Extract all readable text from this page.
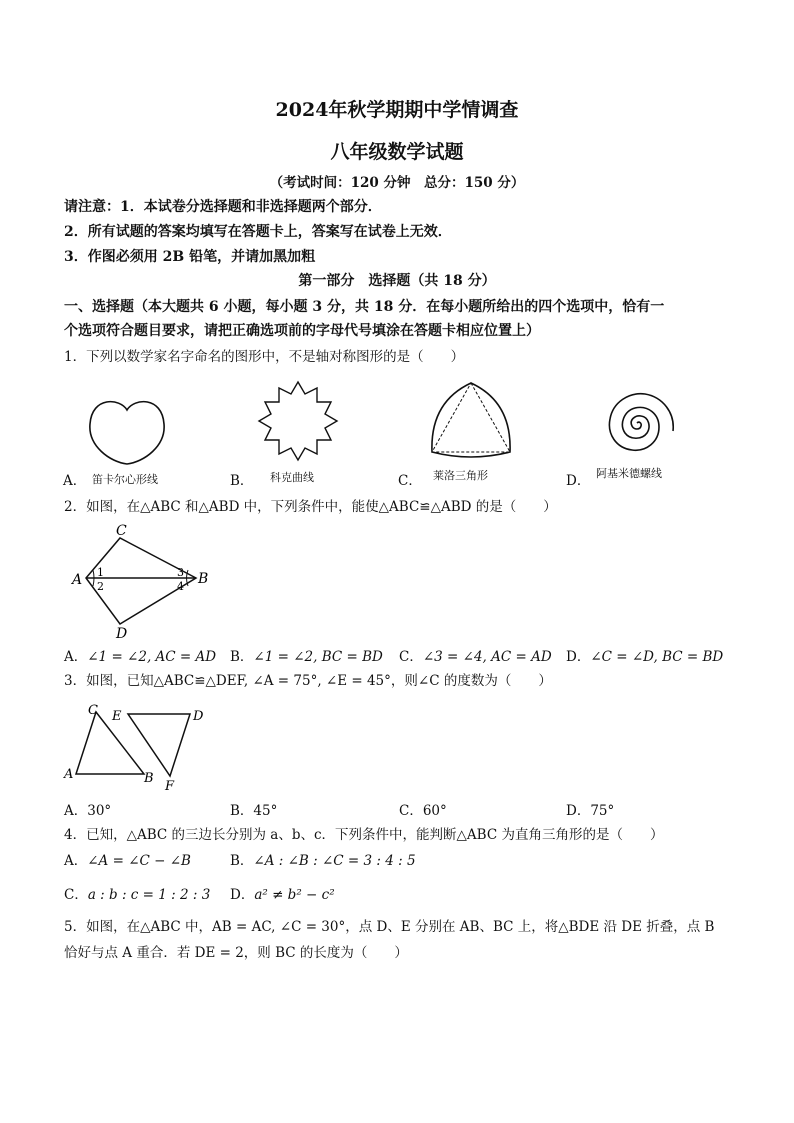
2024年秋学期期中学情调查
八年级数学试题
（考试时间：120 分钟　总分：150 分）
请注意：1．本试卷分选择题和非选择题两个部分．
2．所有试题的答案均填写在答题卡上，答案写在试卷上无效．
3．作图必须用 2B 铅笔，并请加黑加粗
第一部分　选择题（共 18 分）
一、选择题（本大题共 6 小题，每小题 3 分，共 18 分．在每小题所给出的四个选项中，恰有一
个选项符合题目要求，请把正确选项前的字母代号填涂在答题卡相应位置上）
1．下列以数学家名字命名的图形中，不是轴对称图形的是（　　）
A． 笛卡尔心形线	B． 科克曲线	C． 莱洛三角形	D． 阿基米德螺线
2．如图，在△ABC 和△ABD 中，下列条件中，能使△ABC≌△ABD 的是（　　）
A
C
B
D
1
2
3
4
A．∠1 = ∠2, AC = AD B．∠1 = ∠2, BC = BD C．∠3 = ∠4, AC = AD D．∠C = ∠D, BC = BD
3．如图，已知△ABC≌△DEF, ∠A = 75°, ∠E = 45°，则∠C 的度数为（　　）
C
A	B
E	D
F
A．30°	B．45°	C．60°	D．75°
4．已知，△ABC 的三边长分别为 a、b、c．下列条件中，能判断△ABC 为直角三角形的是（　　）
A．∠A = ∠C − ∠B	B．∠A : ∠B : ∠C = 3 : 4 : 5
C．a : b : c = 1 : 2 : 3 D．a² ≠ b² − c²
5．如图，在△ABC 中，AB = AC, ∠C = 30°，点 D、E 分别在 AB、BC 上，将△BDE 沿 DE 折叠，点 B
恰好与点 A 重合．若 DE = 2，则 BC 的长度为（　　）
